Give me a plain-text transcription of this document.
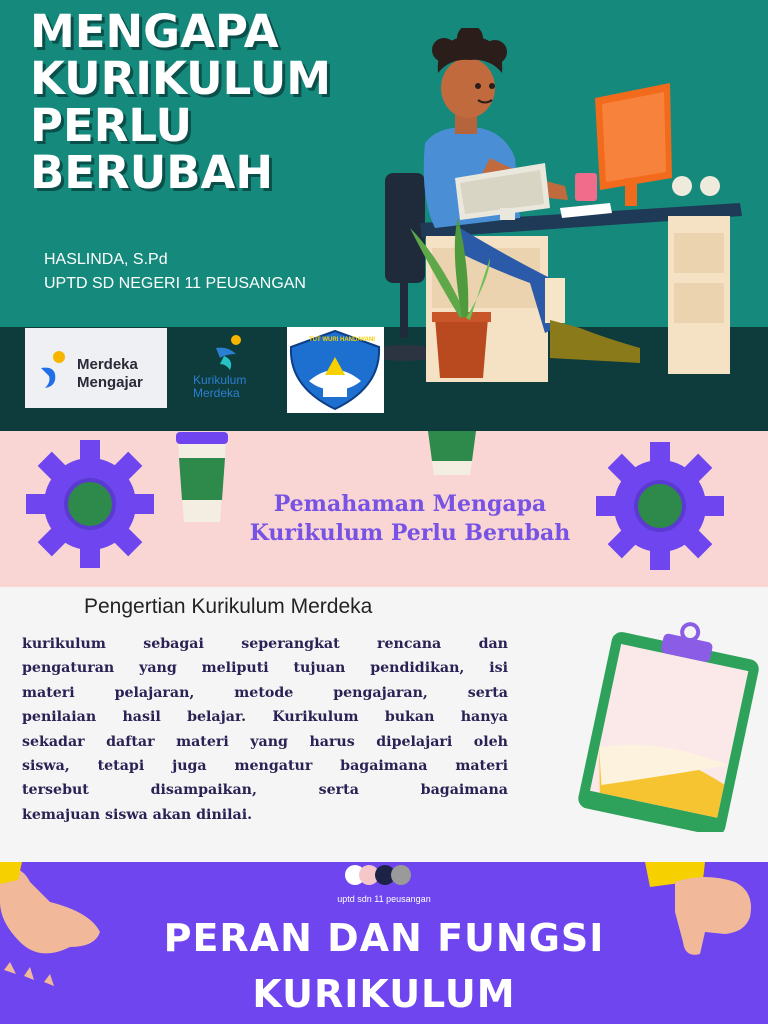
MENGAPA
KURIKULUM
PERLU
BERUBAH
HASLINDA, S.Pd
UPTD SD NEGERI 11 PEUSANGAN
Merdeka
Mengajar	Kurikulum
Merdeka
TUT WURI HANDAYANI
Pemahaman Mengapa
Kurikulum Perlu Berubah
Pengertian Kurikulum Merdeka
kurikulum sebagai seperangkat rencana dan
pengaturan yang meliputi tujuan pendidikan, isi
materi pelajaran, metode pengajaran, serta
penilaian hasil belajar. Kurikulum bukan hanya
sekadar daftar materi yang harus dipelajari oleh
siswa, tetapi juga mengatur bagaimana materi
tersebut disampaikan, serta bagaimana
kemajuan siswa akan dinilai.
uptd sdn 11 peusangan
PERAN DAN FUNGSI
KURIKULUM
